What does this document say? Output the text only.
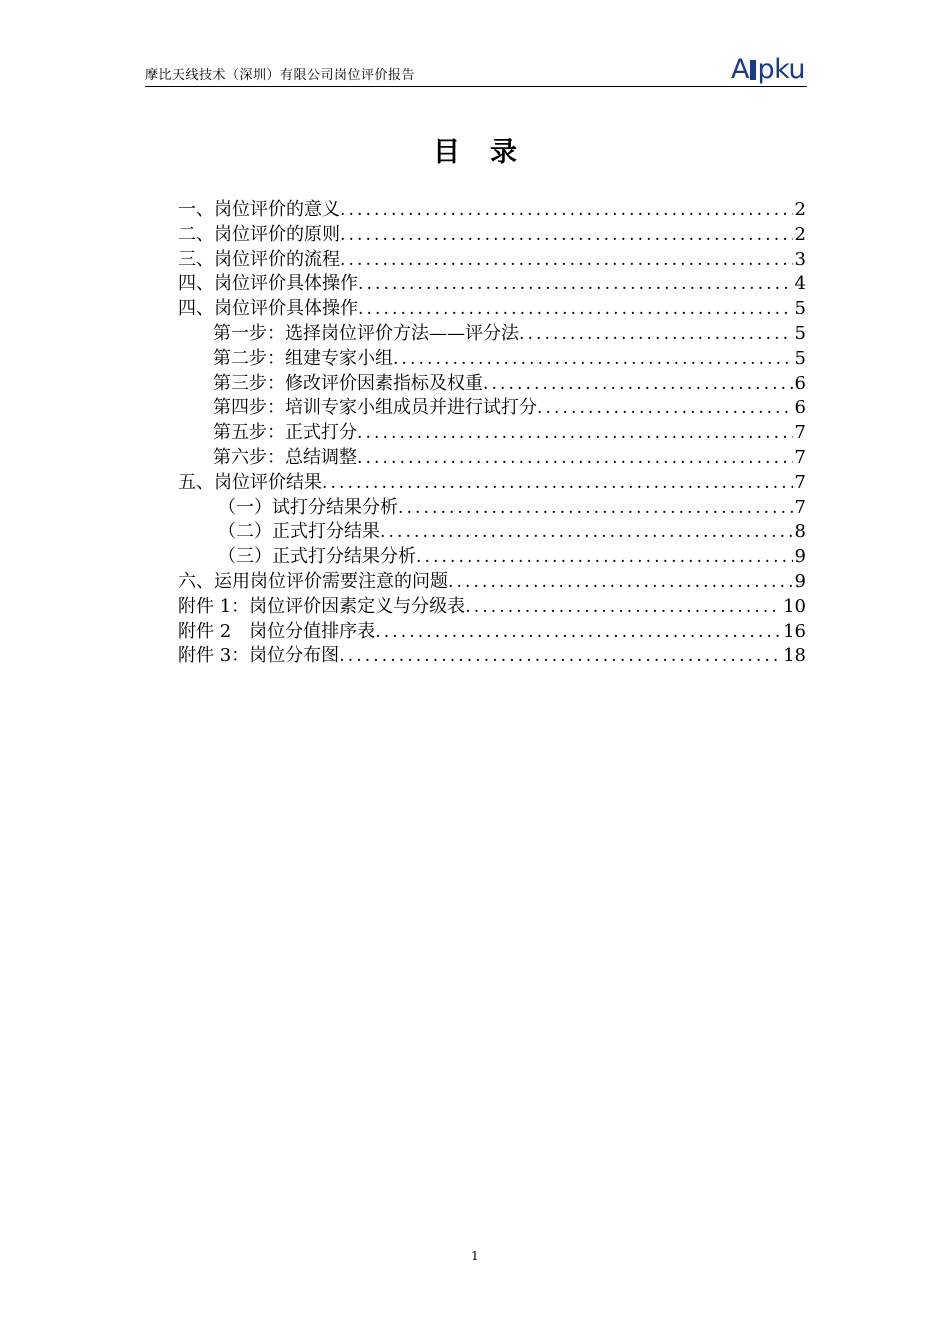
摩比天线技术（深圳）有限公司岗位评价报告	A pku
目录
一、岗位评价的意义 .....	2
二、岗位评价的原则 .....	2
三、岗位评价的流程 .....	3
四、岗位评价具体操作 .....	4
四、岗位评价具体操作 .....	5
第一步：选择岗位评价方法——评分法 .....	5
第二步：组建专家小组 .....	5
第三步：修改评价因素指标及权重 .....	6
第四步：培训专家小组成员并进行试打分 .....	6
第五步：正式打分 .....	7
第六步：总结调整 .....	7
五、岗位评价结果 .....	7
（一）试打分结果分析 .....	7
（二）正式打分结果 .....	8
（三）正式打分结果分析 .....	9
六、运用岗位评价需要注意的问题 .....	9
附件 1：岗位评价因素定义与分级表 .....	10
附件 2　岗位分值排序表 .....	16
附件 3：岗位分布图 .....	18
1
